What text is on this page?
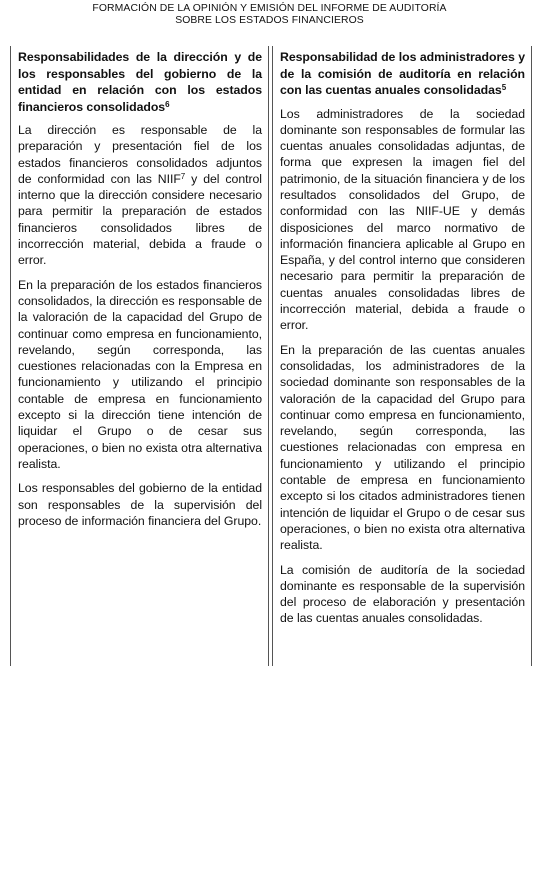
FORMACIÓN DE LA OPINIÓN Y EMISIÓN DEL INFORME DE AUDITORÍA
SOBRE LOS ESTADOS FINANCIEROS

Responsabilidades de la dirección y de los responsables del gobierno de la entidad en relación con los estados financieros consolidados$^6$

La dirección es responsable de la preparación y presentación fiel de los estados financieros consolidados adjuntos de conformidad con las NIIF$^7$ y del control interno que la dirección considere necesario para permitir la preparación de estados financieros consolidados libres de incorrección material, debida a fraude o error.

En la preparación de los estados financieros consolidados, la dirección es responsable de la valoración de la capacidad del Grupo de continuar como empresa en funcionamiento, revelando, según corresponda, las cuestiones relacionadas con la Empresa en funcionamiento y utilizando el principio contable de empresa en funcionamiento excepto si la dirección tiene intención de liquidar el Grupo o de cesar sus operaciones, o bien no exista otra alternativa realista.

Los responsables del gobierno de la entidad son responsables de la supervisión del proceso de información financiera del Grupo.

Responsabilidad de los administradores y de la comisión de auditoría en relación con las cuentas anuales consolidadas$^5$

Los administradores de la sociedad dominante son responsables de formular las cuentas anuales consolidadas adjuntas, de forma que expresen la imagen fiel del patrimonio, de la situación financiera y de los resultados consolidados del Grupo, de conformidad con las NIIF-UE y demás disposiciones del marco normativo de información financiera aplicable al Grupo en España, y del control interno que consideren necesario para permitir la preparación de cuentas anuales consolidadas libres de incorrección material, debida a fraude o error.

En la preparación de las cuentas anuales consolidadas, los administradores de la sociedad dominante son responsables de la valoración de la capacidad del Grupo para continuar como empresa en funcionamiento, revelando, según corresponda, las cuestiones relacionadas con empresa en funcionamiento y utilizando el principio contable de empresa en funcionamiento excepto si los citados administradores tienen intención de liquidar el Grupo o de cesar sus operaciones, o bien no exista otra alternativa realista.

La comisión de auditoría de la sociedad dominante es responsable de la supervisión del proceso de elaboración y presentación de las cuentas anuales consolidadas.
